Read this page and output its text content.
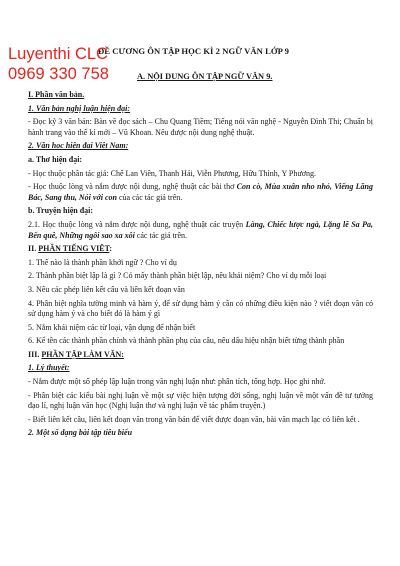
ĐỀ CƯƠNG ÔN TẬP HỌC KÌ 2 NGỮ VĂN LỚP 9
Luyenthi CLC
0969 330 758	A. NỘI DUNG ÔN TẬP NGỮ VĂN 9.
I. Phần văn bản.
1. Văn bản nghị luận hiện đại:
- Đọc kỹ 3 văn bản: Bàn về đọc sách – Chu Quang Tiềm; Tiếng nói văn nghệ - Nguyễn Đình Thi; Chuẩn bị hành trang vào thế kỉ mới – Vũ Khoan. Nêu được nội dung nghệ thuật.
2. Văn học hiện đại Việt Nam:
a. Thơ hiện đại:
- Học thuộc phần tác giả: Chế Lan Viên, Thanh Hải, Viễn Phương, Hữu Thỉnh, Y Phương.
- Học thuộc lòng và nắm được nội dung, nghệ thuật các bài thơ Con cò, Mùa xuân nho nhỏ, Viếng Lăng Bác, Sang thu, Nói với con của các tác giả trên.
b. Truyện hiện đại:
2.1. Học thuộc lòng và nắm được nội dung, nghệ thuật các truyện Làng, Chiếc lược ngà, Lặng lẽ Sa Pa, Bến quê, Những ngôi sao xa xôi các tác giả trên.
II. PHẦN TIẾNG VIỆT:
1. Thế nào là thành phần khởi ngữ ? Cho ví dụ
2. Thành phần biệt lập là gì ? Có mấy thành phần biệt lập, nêu khái niệm? Cho ví dụ mỗi loại
3. Nêu các phép liên kết câu và liên kết đoạn văn
4. Phân biệt nghĩa tường minh và hàm ý, để sử dụng hàm ý cần có những điều kiện nào ? viết đoạn văn có sử dụng hàm ý và cho biết đó là hàm ý gì
5. Nắm khái niệm các từ loại, vận dụng để nhận biết
6. Kể tên các thành phần chính và thành phần phụ của câu, nêu dấu hiệu nhận biết từng thành phần
III. PHẦN TẬP LÀM VĂN:
1. Lý thuyết:
- Nắm được một số phép lập luận trong văn nghị luận như: phân tích, tổng hợp. Học ghi nhớ.
- Phân biệt các kiểu bài nghị luận về một sự việc hiện tượng đời sống, nghị luận về một vấn đề tư tưởng đạo lí, nghị luận văn học (Nghị luận thơ và nghị luận về tác phẩm truyện.)
- Biết liên kết câu, liên kết đoạn văn trong văn bản để viết được đoạn văn, bài văn mạch lạc có liên kết .
2. Một số dạng bài tập tiêu biểu
